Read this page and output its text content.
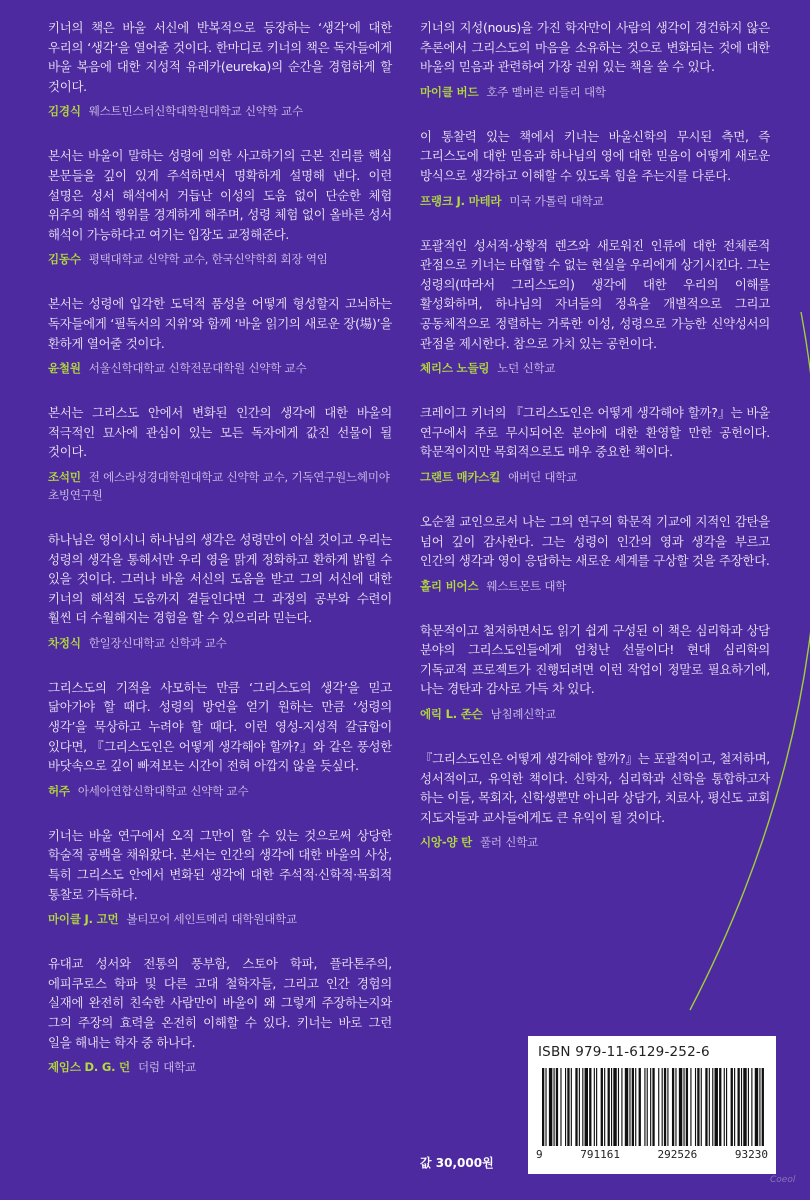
키너의 책은 바울 서신에 반복적으로 등장하는 ‘생각’에 대한 우리의 ‘생각’을 열어줄 것이다. 한마디로 키너의 책은 독자들에게 바울 복음에 대한 지성적 유레카(eureka)의 순간을 경험하게 할 것이다.

김경식 웨스트민스터신학대학원대학교 신약학 교수

본서는 바울이 말하는 성령에 의한 사고하기의 근본 진리를 핵심 본문들을 깊이 있게 주석하면서 명확하게 설명해 낸다. 이런 설명은 성서 해석에서 거듭난 이성의 도움 없이 단순한 체험 위주의 해석 행위를 경계하게 해주며, 성령 체험 없이 올바른 성서 해석이 가능하다고 여기는 입장도 교정해준다.

김동수 평택대학교 신약학 교수, 한국신약학회 회장 역임

본서는 성령에 입각한 도덕적 품성을 어떻게 형성할지 고뇌하는 독자들에게 ‘필독서의 지위’와 함께 ‘바울 읽기의 새로운 장(場)’을 환하게 열어줄 것이다.

윤철원 서울신학대학교 신학전문대학원 신약학 교수

본서는 그리스도 안에서 변화된 인간의 생각에 대한 바울의 적극적인 묘사에 관심이 있는 모든 독자에게 값진 선물이 될 것이다.

조석민 전 에스라성경대학원대학교 신약학 교수, 기독연구원느헤미야 초빙연구원

하나님은 영이시니 하나님의 생각은 성령만이 아실 것이고 우리는 성령의 생각을 통해서만 우리 영을 맑게 정화하고 환하게 밝힐 수 있을 것이다. 그러나 바울 서신의 도움을 받고 그의 서신에 대한 키너의 해석적 도움까지 곁들인다면 그 과정의 공부와 수련이 훨씬 더 수월해지는 경험을 할 수 있으리라 믿는다.

차정식 한일장신대학교 신학과 교수

그리스도의 기적을 사모하는 만큼 ‘그리스도의 생각’을 믿고 닮아가야 할 때다. 성령의 방언을 얻기 원하는 만큼 ‘성령의 생각’을 묵상하고 누려야 할 때다. 이런 영성-지성적 갈급함이 있다면, 『그리스도인은 어떻게 생각해야 할까?』와 같은 풍성한 바닷속으로 깊이 빠져보는 시간이 전혀 아깝지 않을 듯싶다.

허주 아세아연합신학대학교 신약학 교수

키너는 바울 연구에서 오직 그만이 할 수 있는 것으로써 상당한 학술적 공백을 채워왔다. 본서는 인간의 생각에 대한 바울의 사상, 특히 그리스도 안에서 변화된 생각에 대한 주석적·신학적·목회적 통찰로 가득하다.

마이클 J. 고먼 볼티모어 세인트메리 대학원대학교

유대교 성서와 전통의 풍부함, 스토아 학파, 플라톤주의, 에피쿠로스 학파 및 다른 고대 철학자들, 그리고 인간 경험의 실재에 완전히 친숙한 사람만이 바울이 왜 그렇게 주장하는지와 그의 주장의 효력을 온전히 이해할 수 있다. 키너는 바로 그런 일을 해내는 학자 중 하나다.

제임스 D. G. 던 더럼 대학교

키너의 지성(nous)을 가진 학자만이 사람의 생각이 경건하지 않은 추론에서 그리스도의 마음을 소유하는 것으로 변화되는 것에 대한 바울의 믿음과 관련하여 가장 권위 있는 책을 쓸 수 있다.

마이클 버드 호주 멜버른 리들리 대학

이 통찰력 있는 책에서 키너는 바울신학의 무시된 측면, 즉 그리스도에 대한 믿음과 하나님의 영에 대한 믿음이 어떻게 새로운 방식으로 생각하고 이해할 수 있도록 힘을 주는지를 다룬다.

프랭크 J. 마테라 미국 가톨릭 대학교

포괄적인 성서적·상황적 렌즈와 새로워진 인류에 대한 전체론적 관점으로 키너는 타협할 수 없는 현실을 우리에게 상기시킨다. 그는 성령의(따라서 그리스도의) 생각에 대한 우리의 이해를 활성화하며, 하나님의 자녀들의 정욕을 개별적으로 그리고 공동체적으로 정렬하는 거룩한 이성, 성령으로 가능한 신약성서의 관점을 제시한다. 참으로 가치 있는 공헌이다.

체리스 노들링 노던 신학교

크레이그 키너의 『그리스도인은 어떻게 생각해야 할까?』는 바울 연구에서 주로 무시되어온 분야에 대한 환영할 만한 공헌이다. 학문적이지만 목회적으로도 매우 중요한 책이다.

그랜트 매카스킬 애버딘 대학교

오순절 교인으로서 나는 그의 연구의 학문적 기교에 지적인 감탄을 넘어 깊이 감사한다. 그는 성령이 인간의 영과 생각을 부르고 인간의 생각과 영이 응답하는 새로운 세계를 구상할 것을 주장한다.

홀리 비어스 웨스트몬트 대학

학문적이고 철저하면서도 읽기 쉽게 구성된 이 책은 심리학과 상담 분야의 그리스도인들에게 엄청난 선물이다! 현대 심리학의 기독교적 프로젝트가 진행되려면 이런 작업이 정말로 필요하기에, 나는 경탄과 감사로 가득 차 있다.

에릭 L. 존슨 남침례신학교

『그리스도인은 어떻게 생각해야 할까?』는 포괄적이고, 철저하며, 성서적이고, 유익한 책이다. 신학자, 심리학과 신학을 통합하고자 하는 이들, 목회자, 신학생뿐만 아니라 상담가, 치료사, 평신도 교회 지도자들과 교사들에게도 큰 유익이 될 것이다.

시앙-양 탄 풀러 신학교
ISBN 979-11-6129-252-6
9	791161	292526	93230
값 30,000원
Coeol
